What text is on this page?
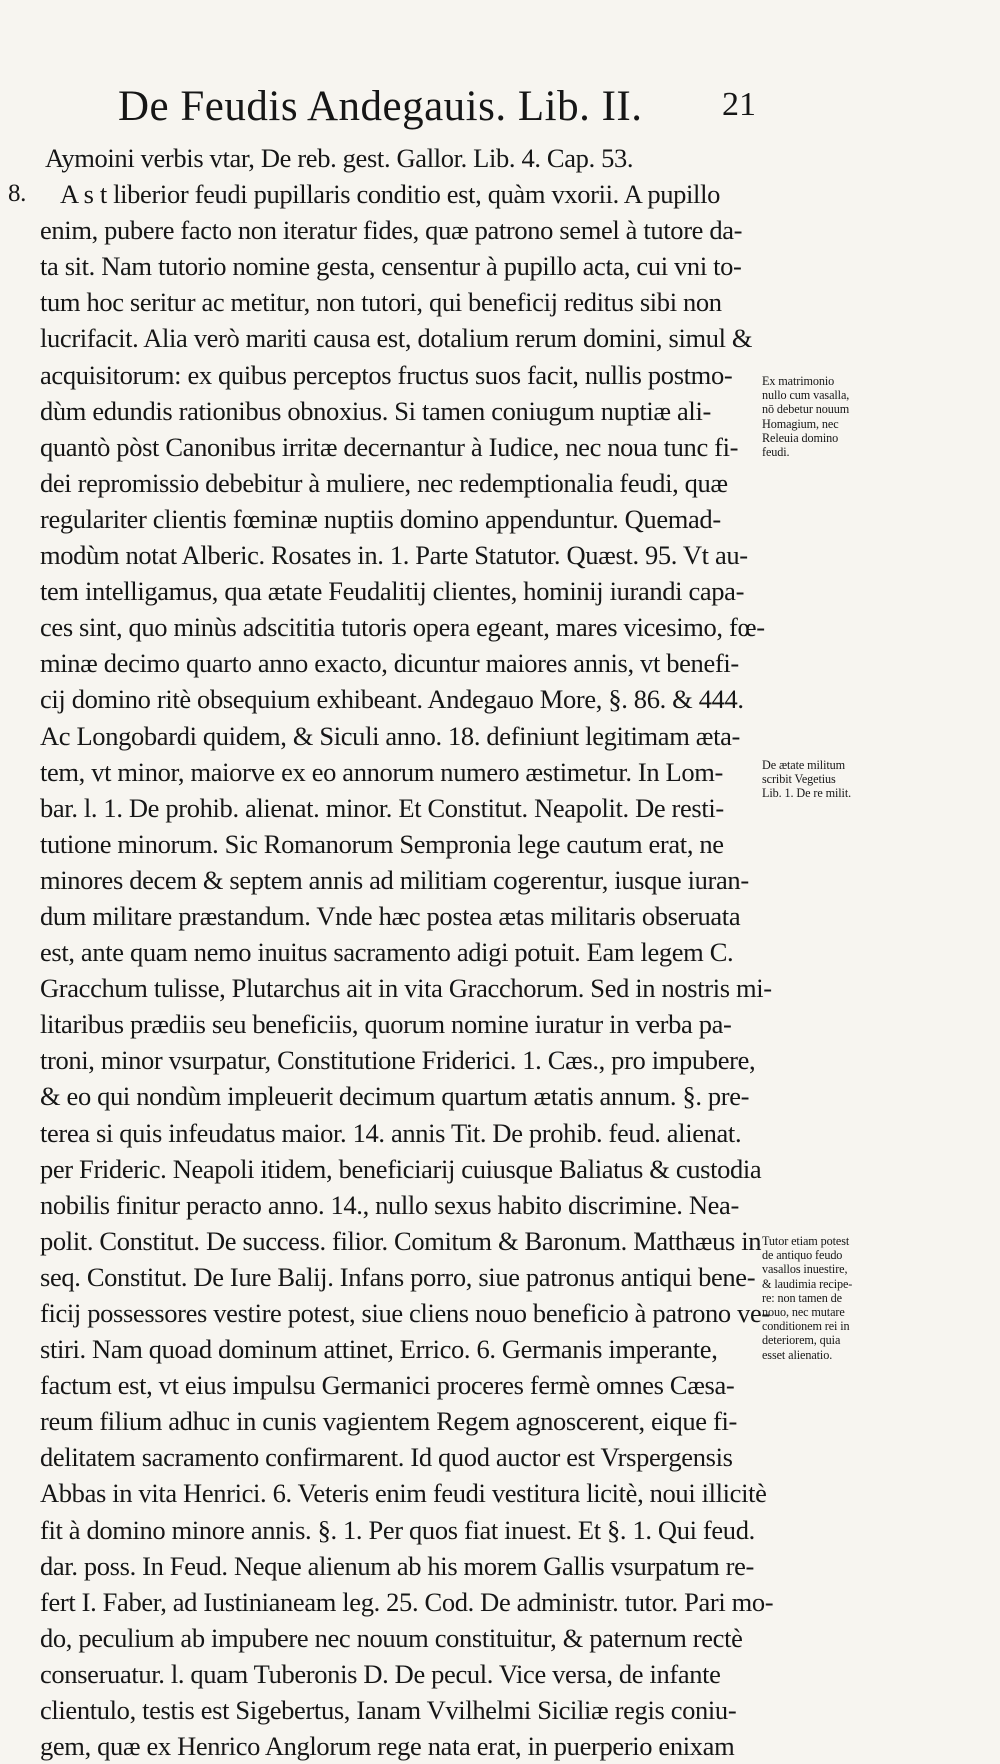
De Feudis Andegauis. Lib. II.	21
Aymoini verbis vtar, De reb. gest. Gallor. Lib. 4. Cap. 53.
8. A s t liberior feudi pupillaris conditio est, quàm vxorii. A pupillo
enim, pubere facto non iteratur fides, quæ patrono semel à tutore da-
ta sit. Nam tutorio nomine gesta, censentur à pupillo acta, cui vni to-
tum hoc seritur ac metitur, non tutori, qui beneficij reditus sibi non
lucrifacit. Alia verò mariti causa est, dotalium rerum domini, simul &
acquisitorum: ex quibus perceptos fructus suos facit, nullis postmo-
dùm edundis rationibus obnoxius. Si tamen coniugum nuptiæ ali-
quantò pòst Canonibus irritæ decernantur à Iudice, nec noua tunc fi-
dei repromissio debebitur à muliere, nec redemptionalia feudi, quæ
regulariter clientis fœminæ nuptiis domino appenduntur. Quemad-
modùm notat Alberic. Rosates in. 1. Parte Statutor. Quæst. 95. Vt au-
tem intelligamus, qua ætate Feudalitij clientes, hominij iurandi capa-
ces sint, quo minùs adscititia tutoris opera egeant, mares vicesimo, fœ-
minæ decimo quarto anno exacto, dicuntur maiores annis, vt benefi-
cij domino ritè obsequium exhibeant. Andegauo More, §. 86. & 444.
Ac Longobardi quidem, & Siculi anno. 18. definiunt legitimam æta-
tem, vt minor, maiorve ex eo annorum numero æstimetur. In Lom-
bar. l. 1. De prohib. alienat. minor. Et Constitut. Neapolit. De resti-
tutione minorum. Sic Romanorum Sempronia lege cautum erat, ne
minores decem & septem annis ad militiam cogerentur, iusque iuran-
dum militare præstandum. Vnde hæc postea ætas militaris obseruata
est, ante quam nemo inuitus sacramento adigi potuit. Eam legem C.
Gracchum tulisse, Plutarchus ait in vita Gracchorum. Sed in nostris mi-
litaribus prædiis seu beneficiis, quorum nomine iuratur in verba pa-
troni, minor vsurpatur, Constitutione Friderici. 1. Cæs., pro impubere,
& eo qui nondùm impleuerit decimum quartum ætatis annum. §. pre-
terea si quis infeudatus maior. 14. annis Tit. De prohib. feud. alienat.
per Frideric. Neapoli itidem, beneficiarij cuiusque Baliatus & custodia
nobilis finitur peracto anno. 14., nullo sexus habito discrimine. Nea-
polit. Constitut. De success. filior. Comitum & Baronum. Matthæus in
seq. Constitut. De Iure Balij. Infans porro, siue patronus antiqui bene-
ficij possessores vestire potest, siue cliens nouo beneficio à patrono ve-
stiri. Nam quoad dominum attinet, Errico. 6. Germanis imperante,
factum est, vt eius impulsu Germanici proceres fermè omnes Cæsa-
reum filium adhuc in cunis vagientem Regem agnoscerent, eique fi-
delitatem sacramento confirmarent. Id quod auctor est Vrspergensis
Abbas in vita Henrici. 6. Veteris enim feudi vestitura licitè, noui illicitè
fit à domino minore annis. §. 1. Per quos fiat inuest. Et §. 1. Qui feud.
dar. poss. In Feud. Neque alienum ab his morem Gallis vsurpatum re-
fert I. Faber, ad Iustinianeam leg. 25. Cod. De administr. tutor. Pari mo-
do, peculium ab impubere nec nouum constituitur, & paternum rectè
conseruatur. l. quam Tuberonis D. De pecul. Vice versa, de infante
clientulo, testis est Sigebertus, Ianam Vvilhelmi Siciliæ regis coniu-
gem, quæ ex Henrico Anglorum rege nata erat, in puerperio enixam
Ex matrimonio
nullo cum vasalla,
nō debetur nouum
Homagium, nec
Releuia domino
feudi.
De ætate militum
scribit Vegetius
Lib. 1. De re milit.
Tutor etiam potest
de antiquo feudo
vasallos inuestire,
& laudimia recipe-
re: non tamen de
nouo, nec mutare
conditionem rei in
deteriorem, quia
esset alienatio.
